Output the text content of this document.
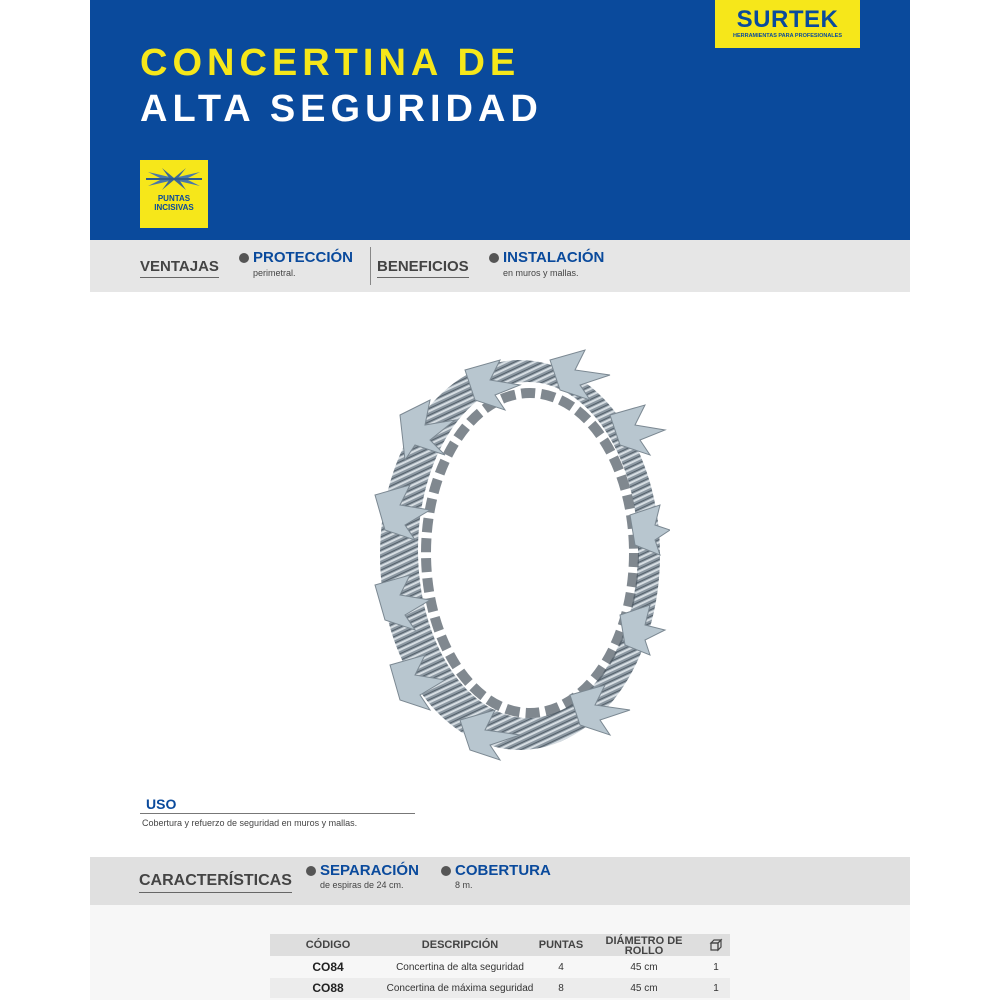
SURTEK
HERRAMIENTAS PARA PROFESIONALES
CONCERTINA DE
ALTA SEGURIDAD
PUNTAS
INCISIVAS
VENTAJAS
PROTECCIÓN
perimetral.	BENEFICIOS
INSTALACIÓN
en muros y mallas.
USO
Cobertura y refuerzo de seguridad en muros y mallas.
CARACTERÍSTICAS
SEPARACIÓN
de espiras de 24 cm.
COBERTURA
8 m.
CÓDIGO	DESCRIPCIÓN	PUNTAS	DIÁMETRO DE ROLLO
CO84	Concertina de alta seguridad	4	45 cm	1
CO88	Concertina de máxima seguridad	8	45 cm	1
